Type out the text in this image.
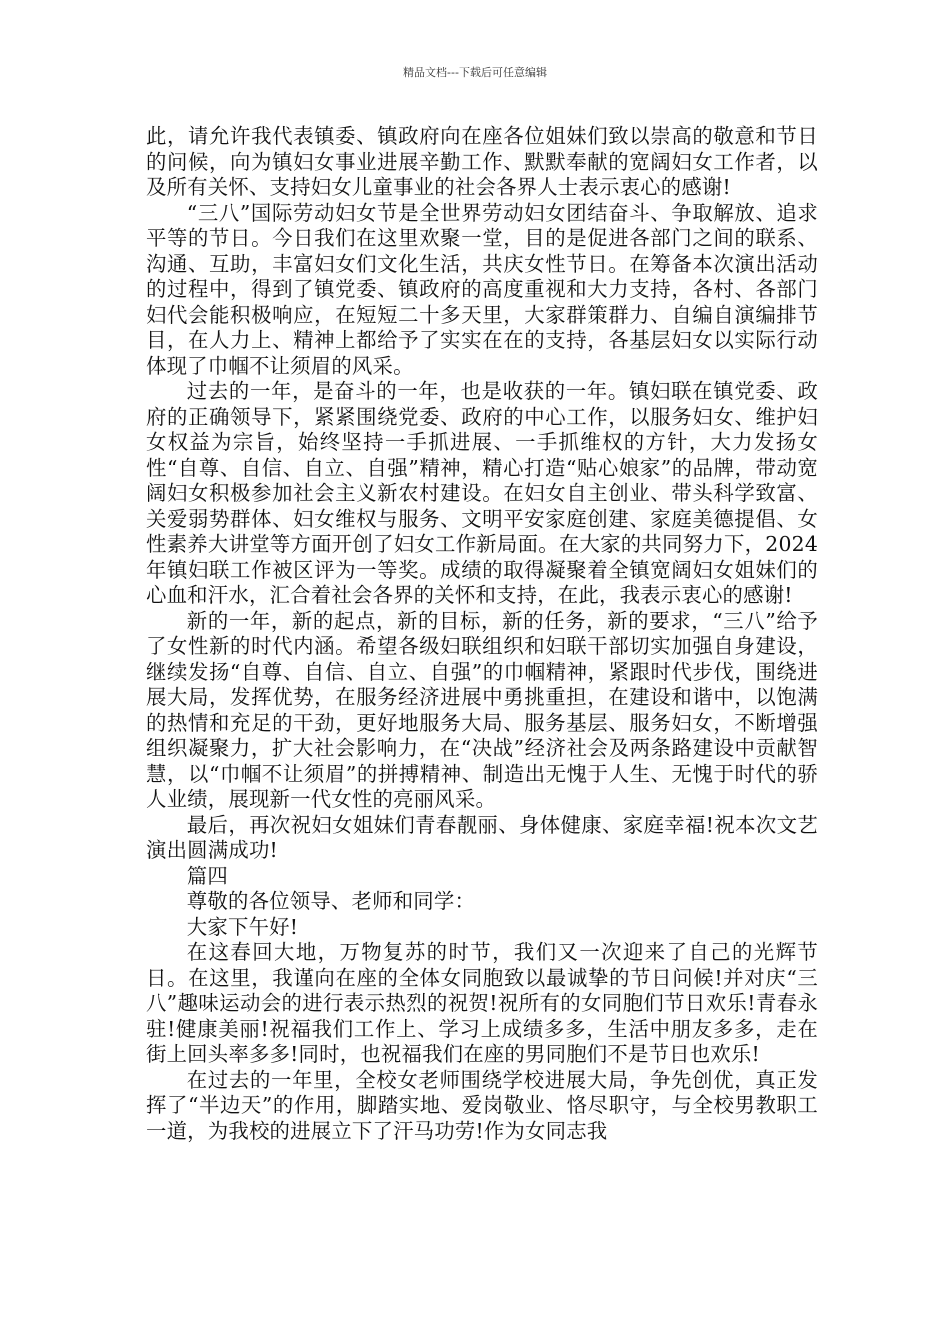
精品文档---下载后可任意编辑

此，请允许我代表镇委、镇政府向在座各位姐妹们致以崇高的敬意和节日的问候，向为镇妇女事业进展辛勤工作、默默奉献的宽阔妇女工作者，以及所有关怀、支持妇女儿童事业的社会各界人士表示衷心的感谢!

“三八”国际劳动妇女节是全世界劳动妇女团结奋斗、争取解放、追求平等的节日。今日我们在这里欢聚一堂，目的是促进各部门之间的联系、沟通、互助，丰富妇女们文化生活，共庆女性节日。在筹备本次演出活动的过程中，得到了镇党委、镇政府的高度重视和大力支持，各村、各部门妇代会能积极响应，在短短二十多天里，大家群策群力、自编自演编排节目，在人力上、精神上都给予了实实在在的支持，各基层妇女以实际行动体现了巾帼不让须眉的风采。

过去的一年，是奋斗的一年，也是收获的一年。镇妇联在镇党委、政府的正确领导下，紧紧围绕党委、政府的中心工作，以服务妇女、维护妇女权益为宗旨，始终坚持一手抓进展、一手抓维权的方针，大力发扬女性“自尊、自信、自立、自强”精神，精心打造“贴心娘家”的品牌，带动宽阔妇女积极参加社会主义新农村建设。在妇女自主创业、带头科学致富、关爱弱势群体、妇女维权与服务、文明平安家庭创建、家庭美德提倡、女性素养大讲堂等方面开创了妇女工作新局面。在大家的共同努力下，2024年镇妇联工作被区评为一等奖。成绩的取得凝聚着全镇宽阔妇女姐妹们的心血和汗水，汇合着社会各界的关怀和支持，在此，我表示衷心的感谢!

新的一年，新的起点，新的目标，新的任务，新的要求，“三八”给予了女性新的时代内涵。希望各级妇联组织和妇联干部切实加强自身建设，继续发扬“自尊、自信、自立、自强”的巾帼精神，紧跟时代步伐，围绕进展大局，发挥优势，在服务经济进展中勇挑重担，在建设和谐中，以饱满的热情和充足的干劲，更好地服务大局、服务基层、服务妇女，不断增强组织凝聚力，扩大社会影响力，在“决战”经济社会及两条路建设中贡献智慧，以“巾帼不让须眉”的拼搏精神、制造出无愧于人生、无愧于时代的骄人业绩，展现新一代女性的亮丽风采。

最后，再次祝妇女姐妹们青春靓丽、身体健康、家庭幸福!祝本次文艺演出圆满成功!

篇四

尊敬的各位领导、老师和同学：

大家下午好!

在这春回大地，万物复苏的时节，我们又一次迎来了自己的光辉节日。在这里，我谨向在座的全体女同胞致以最诚挚的节日问候!并对庆“三八”趣味运动会的进行表示热烈的祝贺!祝所有的女同胞们节日欢乐!青春永驻!健康美丽!祝福我们工作上、学习上成绩多多，生活中朋友多多，走在街上回头率多多!同时，也祝福我们在座的男同胞们不是节日也欢乐!

在过去的一年里，全校女老师围绕学校进展大局，争先创优，真正发挥了“半边天”的作用，脚踏实地、爱岗敬业、恪尽职守，与全校男教职工一道，为我校的进展立下了汗马功劳!作为女同志我
